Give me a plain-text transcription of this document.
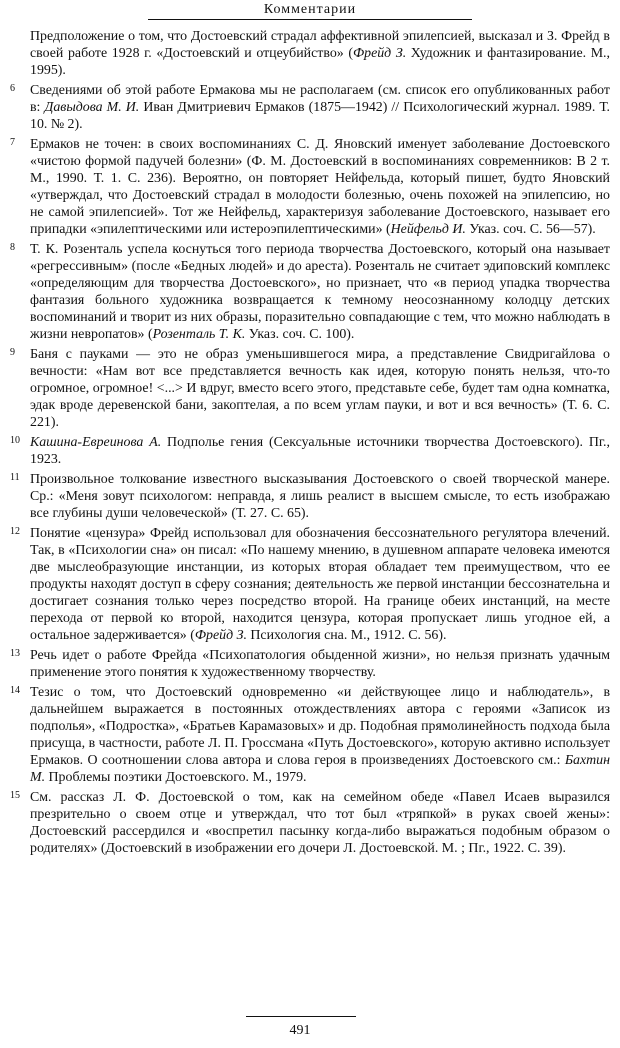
Комментарии

Предположение о том, что Достоевский страдал аффективной эпилепсией, высказал и З. Фрейд в своей работе 1928 г. «Достоевский и отцеубийство» (Фрейд З. Художник и фантазирование. М., 1995).

6 Сведениями об этой работе Ермакова мы не располагаем (см. список его опубликованных работ в: Давыдова М. И. Иван Дмитриевич Ермаков (1875—1942) // Психологический журнал. 1989. Т. 10. № 2).

7 Ермаков не точен: в своих воспоминаниях С. Д. Яновский именует заболевание Достоевского «чистою формой падучей болезни» (Ф. М. Достоевский в воспоминаниях современников: В 2 т. М., 1990. Т. 1. С. 236). Вероятно, он повторяет Нейфельда, который пишет, будто Яновский «утверждал, что Достоевский страдал в молодости болезнью, очень похожей на эпилепсию, но не самой эпилепсией». Тот же Нейфельд, характеризуя заболевание Достоевского, называет его припадки «эпилептическими или истероэпилептическими» (Нейфельд И. Указ. соч. С. 56—57).

8 Т. К. Розенталь успела коснуться того периода творчества Достоевского, который она называет «регрессивным» (после «Бедных людей» и до ареста). Розенталь не считает эдиповский комплекс «определяющим для творчества Достоевского», но признает, что «в период упадка творчества фантазия больного художника возвращается к темному неосознанному колодцу детских воспоминаний и творит из них образы, поразительно совпадающие с тем, что можно наблюдать в жизни невропатов» (Розенталь Т. К. Указ. соч. С. 100).

9 Баня с пауками — это не образ уменьшившегося мира, а представление Свидригайлова о вечности: «Нам вот все представляется вечность как идея, которую понять нельзя, что-то огромное, огромное! <...> И вдруг, вместо всего этого, представьте себе, будет там одна комнатка, эдак вроде деревенской бани, закоптелая, а по всем углам пауки, и вот и вся вечность» (Т. 6. С. 221).

10 Кашина-Евреинова А. Подполье гения (Сексуальные источники творчества Достоевского). Пг., 1923.

11 Произвольное толкование известного высказывания Достоевского о своей творческой манере. Ср.: «Меня зовут психологом: неправда, я лишь реалист в высшем смысле, то есть изображаю все глубины души человеческой» (Т. 27. С. 65).

12 Понятие «цензура» Фрейд использовал для обозначения бессознательного регулятора влечений. Так, в «Психологии сна» он писал: «По нашему мнению, в душевном аппарате человека имеются две мыслеобразующие инстанции, из которых вторая обладает тем преимуществом, что ее продукты находят доступ в сферу сознания; деятельность же первой инстанции бессознательна и достигает сознания только через посредство второй. На границе обеих инстанций, на месте перехода от первой ко второй, находится цензура, которая пропускает лишь угодное ей, а остальное задерживается» (Фрейд З. Психология сна. М., 1912. С. 56).

13 Речь идет о работе Фрейда «Психопатология обыденной жизни», но нельзя признать удачным применение этого понятия к художественному творчеству.

14 Тезис о том, что Достоевский одновременно «и действующее лицо и наблюдатель», в дальнейшем выражается в постоянных отождествлениях автора с героями «Записок из подполья», «Подростка», «Братьев Карамазовых» и др. Подобная прямолинейность подхода была присуща, в частности, работе Л. П. Гроссмана «Путь Достоевского», которую активно использует Ермаков. О соотношении слова автора и слова героя в произведениях Достоевского см.: Бахтин М. Проблемы поэтики Достоевского. М., 1979.

15 См. рассказ Л. Ф. Достоевской о том, как на семейном обеде «Павел Исаев выразился презрительно о своем отце и утверждал, что тот был «тряпкой» в руках своей жены»: Достоевский рассердился и «воспретил пасынку когда-либо выражаться подобным образом о родителях» (Достоевский в изображении его дочери Л. Достоевской. М. ; Пг., 1922. С. 39).

491
